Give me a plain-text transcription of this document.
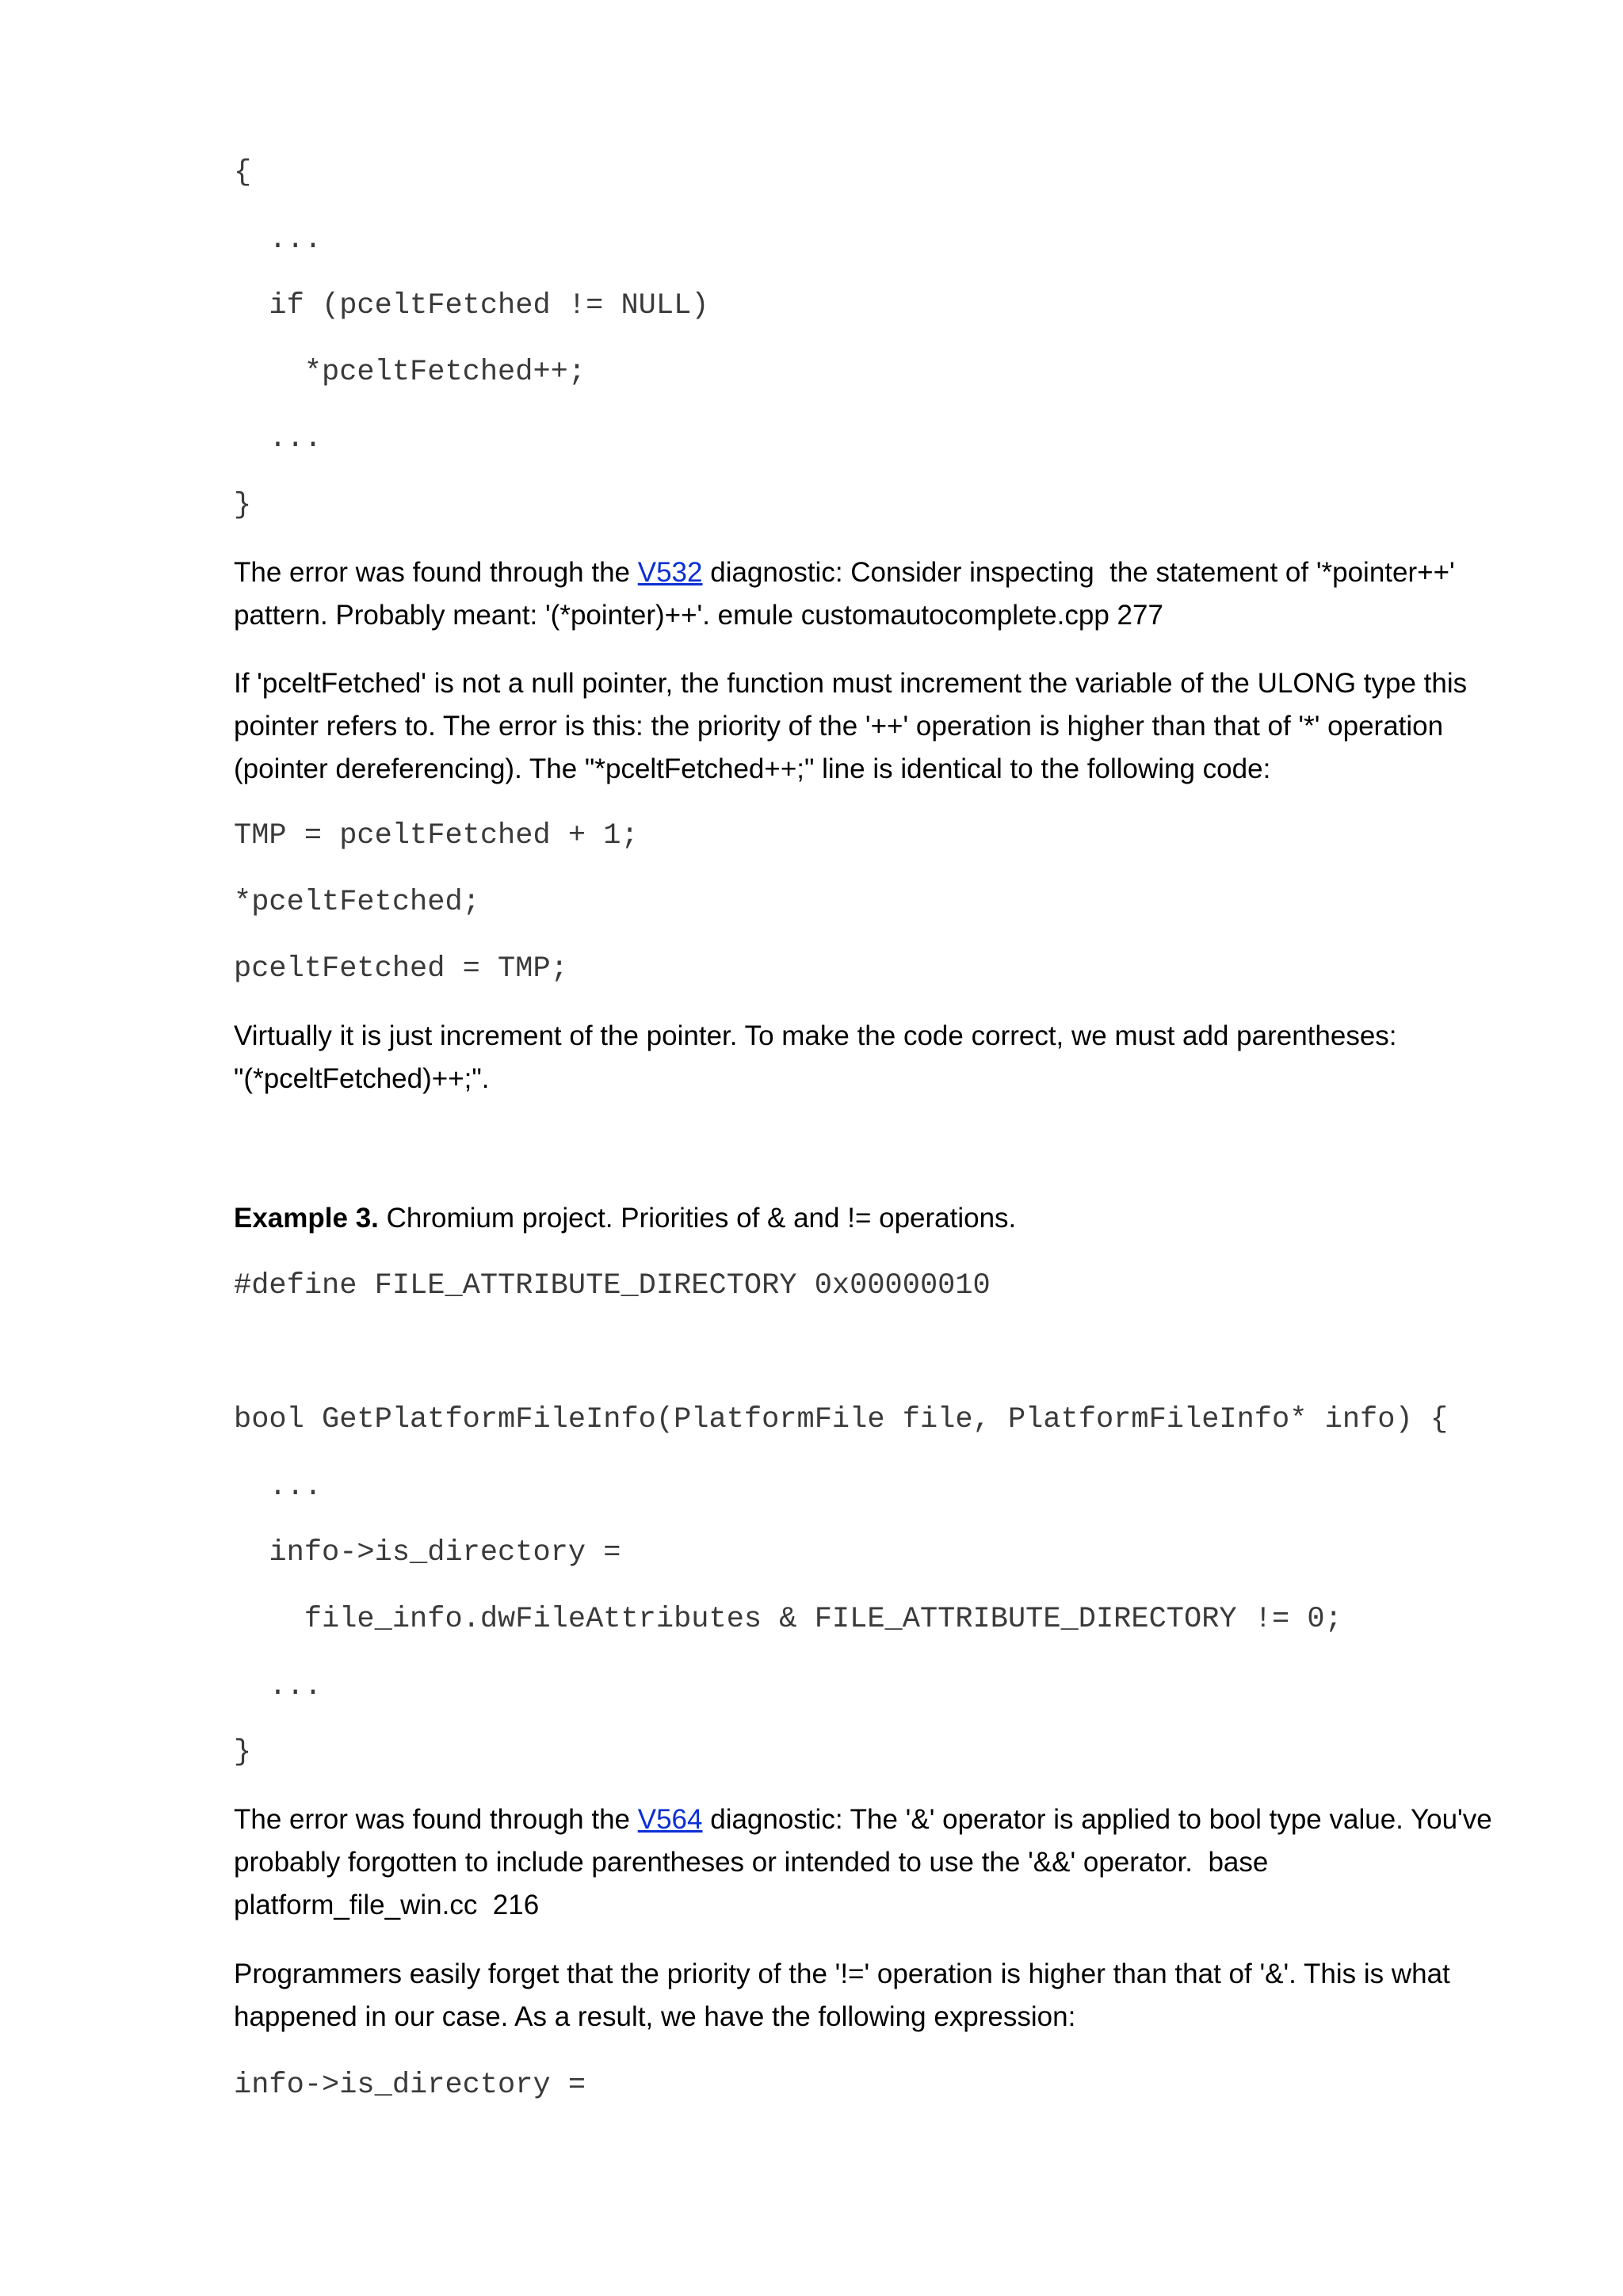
{
...
if (pceltFetched != NULL)
*pceltFetched++;
...
}
The error was found through the V532 diagnostic: Consider inspecting  the statement of '*pointer++'
pattern. Probably meant: '(*pointer)++'. emule customautocomplete.cpp 277
If 'pceltFetched' is not a null pointer, the function must increment the variable of the ULONG type this
pointer refers to. The error is this: the priority of the '++' operation is higher than that of '*' operation
(pointer dereferencing). The "*pceltFetched++;" line is identical to the following code:
TMP = pceltFetched + 1;
*pceltFetched;
pceltFetched = TMP;
Virtually it is just increment of the pointer. To make the code correct, we must add parentheses:
"(*pceltFetched)++;".
Example 3. Chromium project. Priorities of & and != operations.
#define FILE_ATTRIBUTE_DIRECTORY 0x00000010
bool GetPlatformFileInfo(PlatformFile file, PlatformFileInfo* info) {
...
info->is_directory =
file_info.dwFileAttributes & FILE_ATTRIBUTE_DIRECTORY != 0;
...
}
The error was found through the V564 diagnostic: The '&' operator is applied to bool type value. You've
probably forgotten to include parentheses or intended to use the '&&' operator.  base
platform_file_win.cc  216
Programmers easily forget that the priority of the '!=' operation is higher than that of '&'. This is what
happened in our case. As a result, we have the following expression:
info->is_directory =
